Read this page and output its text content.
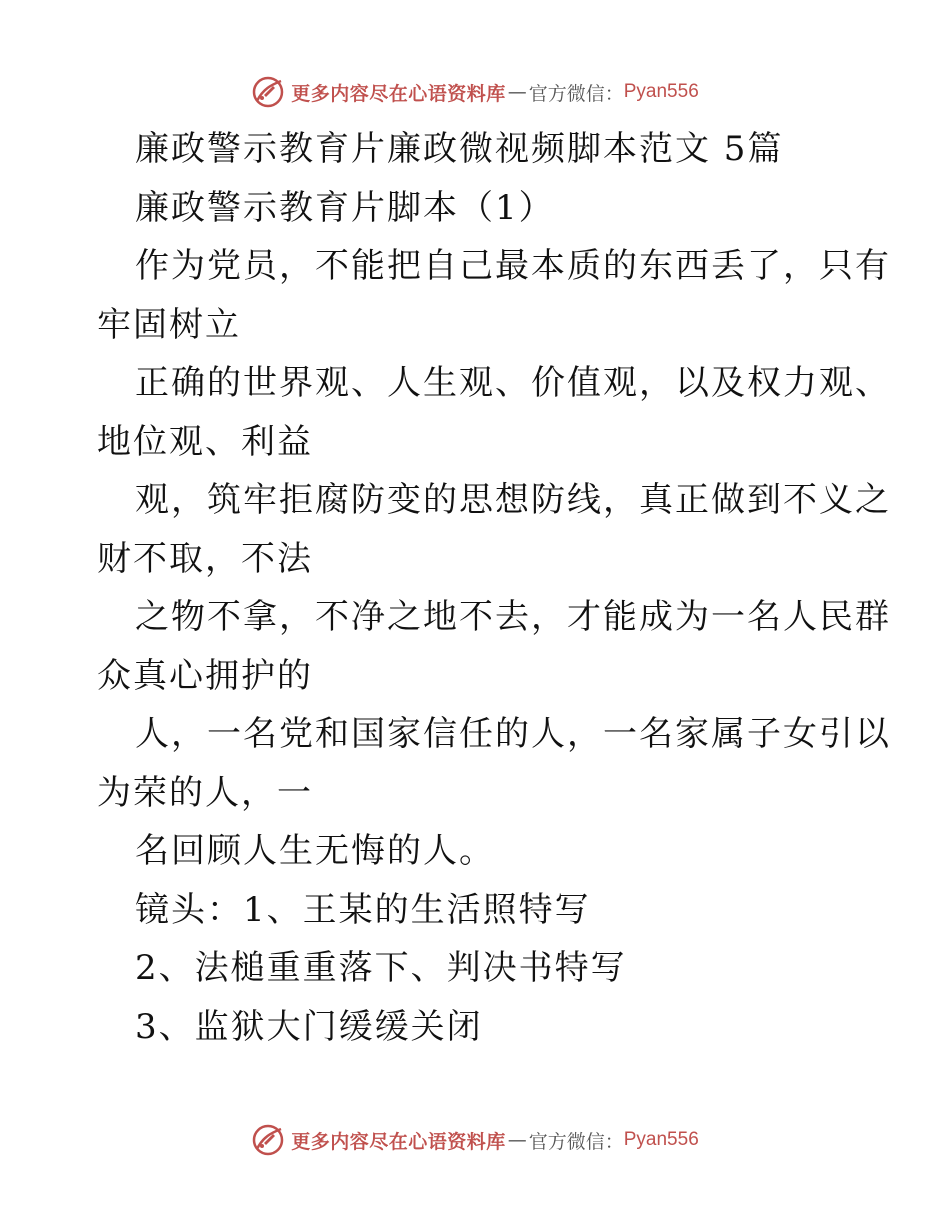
更多内容尽在心语资料库 — 官方微信： Pyan556
廉政警示教育片廉政微视频脚本范文 5篇
廉政警示教育片脚本（1）
作为党员，不能把自己最本质的东西丢了，只有
牢固树立
正确的世界观、人生观、价值观，以及权力观、
地位观、利益
观，筑牢拒腐防变的思想防线，真正做到不义之
财不取，不法
之物不拿，不净之地不去，才能成为一名人民群
众真心拥护的
人，一名党和国家信任的人，一名家属子女引以
为荣的人，一
名回顾人生无悔的人。
镜头：1、王某的生活照特写
2、法槌重重落下、判决书特写
3、监狱大门缓缓关闭
更多内容尽在心语资料库 — 官方微信： Pyan556
